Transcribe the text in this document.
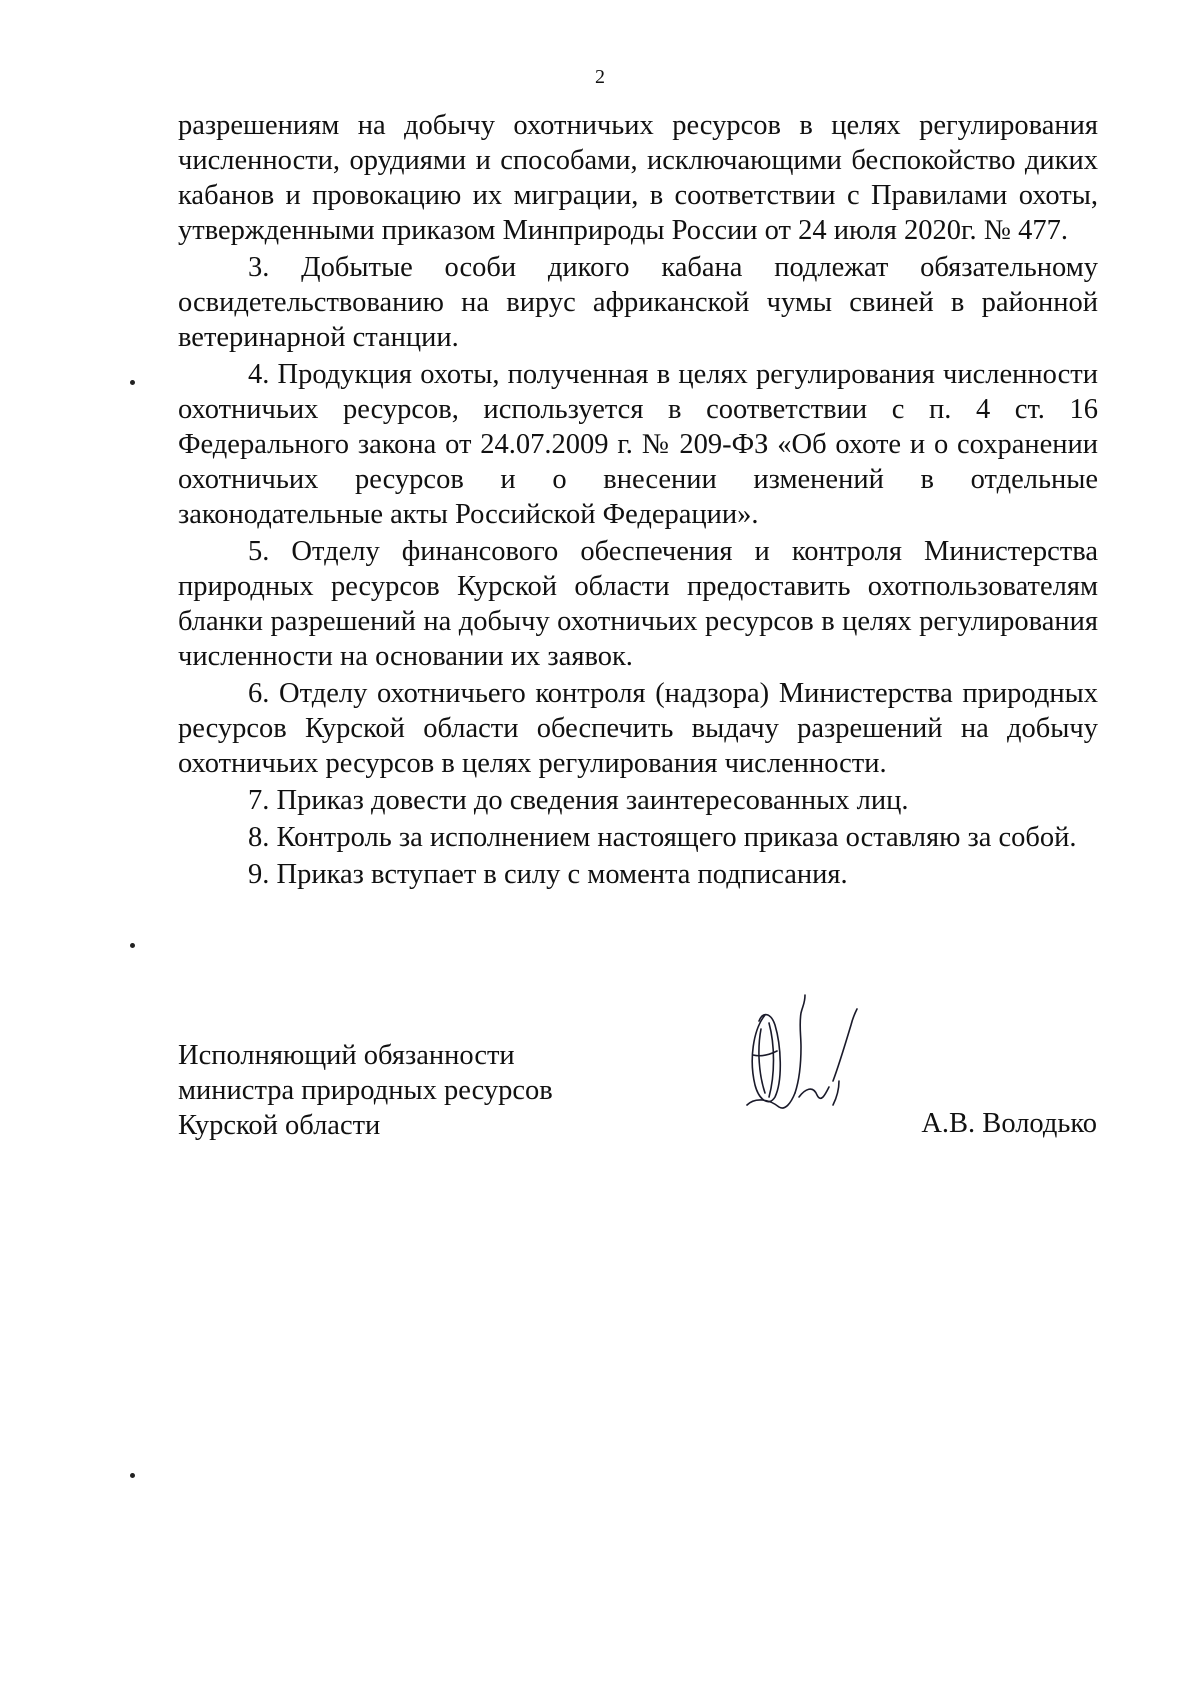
2

разрешениям на добычу охотничьих ресурсов в целях регулирования численности, орудиями и способами, исключающими беспокойство диких кабанов и провокацию их миграции, в соответствии с Правилами охоты, утвержденными приказом Минприроды России от 24 июля 2020г. № 477.

3. Добытые особи дикого кабана подлежат обязательному освидетельствованию на вирус африканской чумы свиней в районной ветеринарной станции.

4. Продукция охоты, полученная в целях регулирования численности охотничьих ресурсов, используется в соответствии с п. 4 ст. 16 Федерального закона от 24.07.2009 г. № 209-ФЗ «Об охоте и о сохранении охотничьих ресурсов и о внесении изменений в отдельные законодательные акты Российской Федерации».

5. Отделу финансового обеспечения и контроля Министерства природных ресурсов Курской области предоставить охотпользователям бланки разрешений на добычу охотничьих ресурсов в целях регулирования численности на основании их заявок.

6. Отделу охотничьего контроля (надзора) Министерства природных ресурсов Курской области обеспечить выдачу разрешений на добычу охотничьих ресурсов в целях регулирования численности.

7. Приказ довести до сведения заинтересованных лиц.

8. Контроль за исполнением настоящего приказа оставляю за собой.

9. Приказ вступает в силу с момента подписания.

Исполняющий обязанности
министра природных ресурсов
Курской области	А.В. Володько
